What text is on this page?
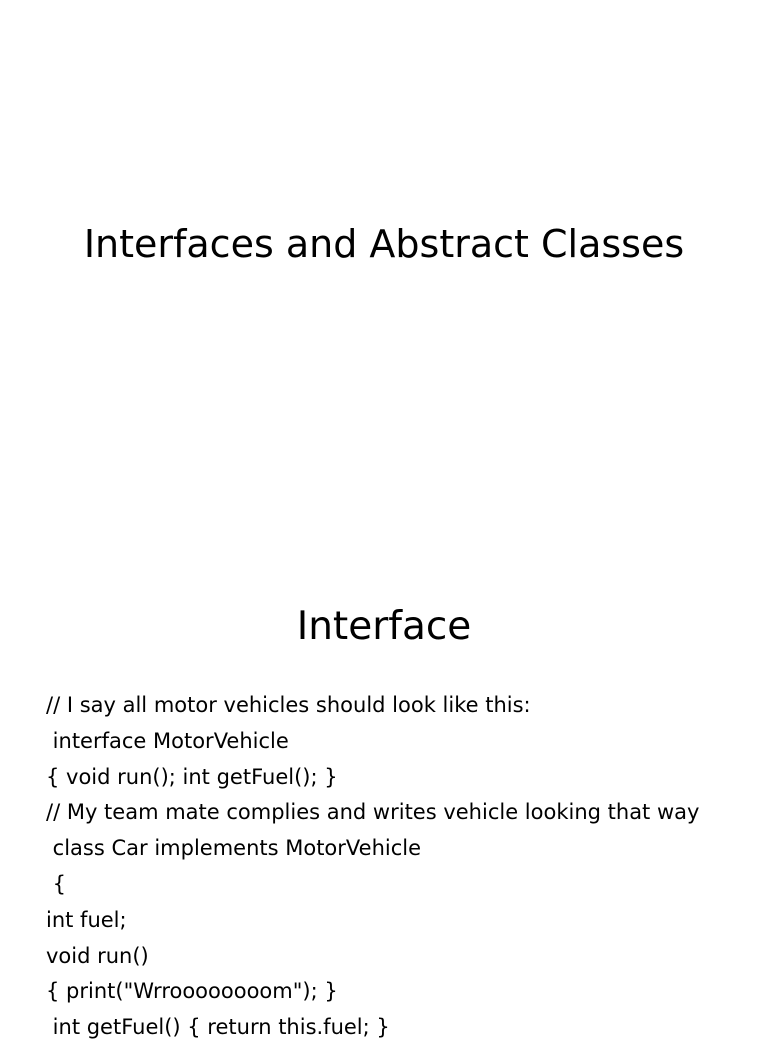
Interfaces and Abstract Classes
Interface
// I say all motor vehicles should look like this:
interface MotorVehicle
{ void run(); int getFuel(); }
// My team mate complies and writes vehicle looking that way
class Car implements MotorVehicle
{
int fuel;
void run()
{ print("Wrroooooooom"); }
int getFuel() { return this.fuel; }
